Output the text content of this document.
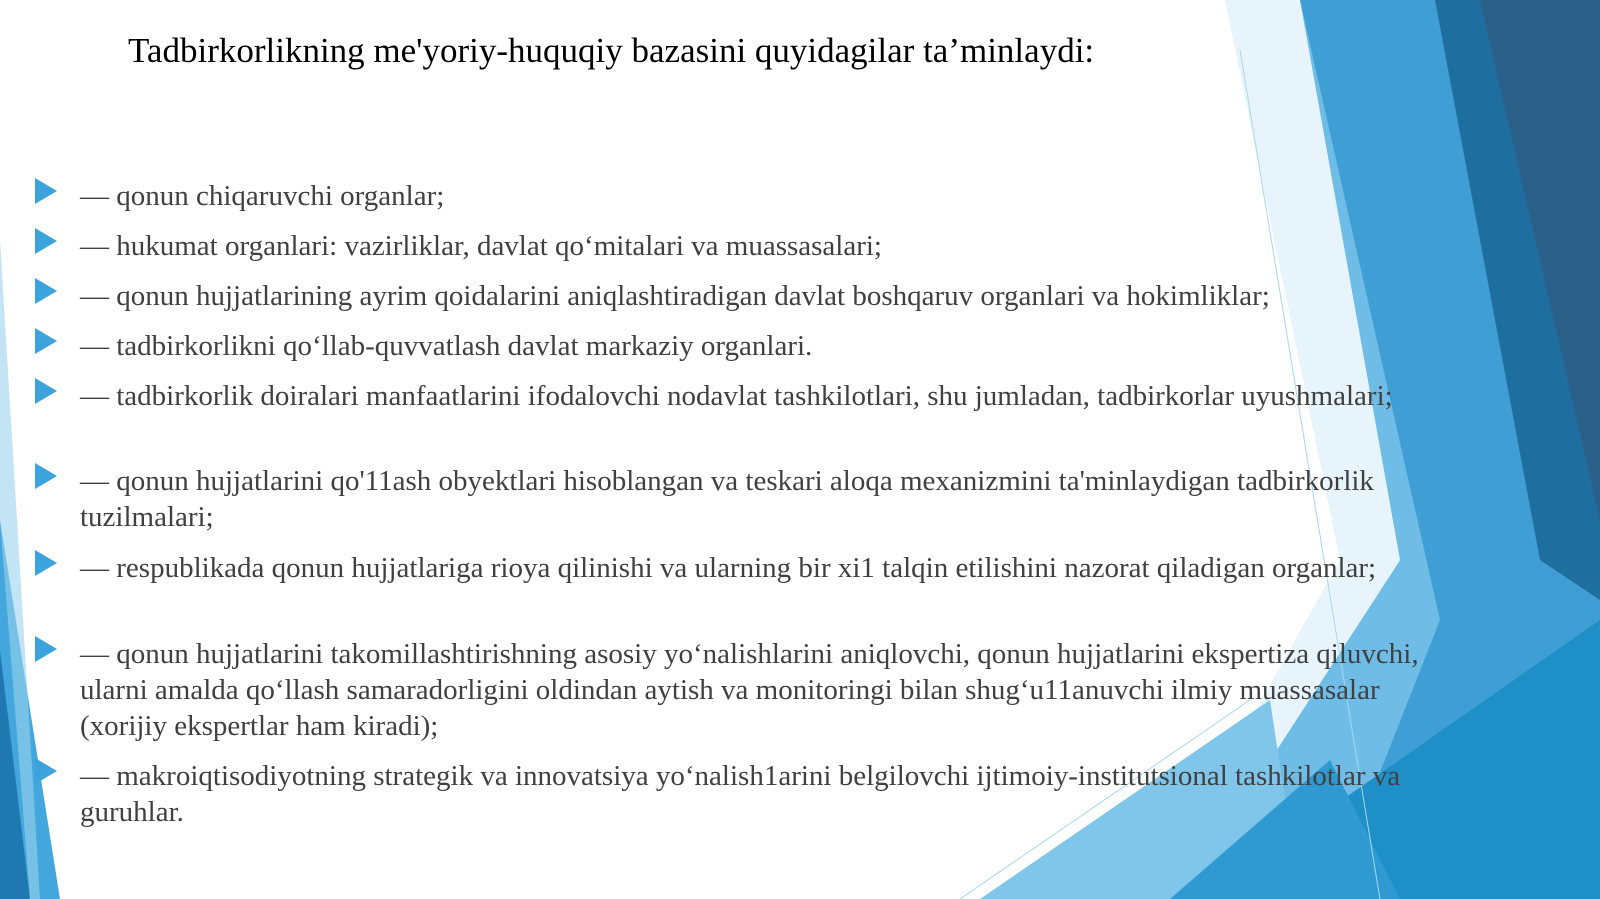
Tadbirkorlikning me'yoriy-huquqiy bazasini quyidagilar ta’minlaydi:
— qonun chiqaruvchi organlar;
— hukumat organlari: vazirliklar, davlat qo‘mitalari va muassasalari;
— qonun hujjatlarining ayrim qoidalarini aniqlashtiradigan davlat boshqaruv organlari va hokimliklar;
— tadbirkorlikni qo‘llab-quvvatlash davlat markaziy organlari.
— tadbirkorlik doiralari manfaatlarini ifodalovchi nodavlat tashkilotlari, shu jumladan, tadbirkorlar uyushmalari;
— qonun hujjatlarini qo'11ash obyektlari hisoblangan va teskari aloqa mexanizmini ta'minlaydigan tadbirkorlik tuzilmalari;
— respublikada qonun hujjatlariga rioya qilinishi va ularning bir xi1 talqin etilishini nazorat qiladigan organlar;
— qonun hujjatlarini takomillashtirishning asosiy yo‘nalishlarini aniqlovchi, qonun hujjatlarini ekspertiza qiluvchi, ularni amalda qo‘llash samaradorligini oldindan aytish va monitoringi bilan shug‘u11anuvchi ilmiy muassasalar (xorijiy ekspertlar ham kiradi);
— makroiqtisodiyotning strategik va innovatsiya yo‘nalish1arini belgilovchi ijtimoiy-institutsional tashkilotlar va guruhlar.
